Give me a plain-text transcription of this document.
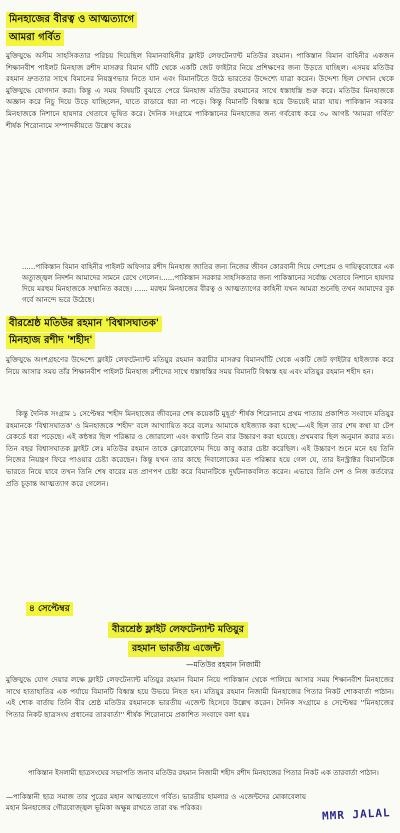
মিনহাজের বীরত্ব ও আত্মত্যাগে
আমরা গর্বিত
মুক্তিযুদ্ধে অসীম সাহসিকতার পরিচয় দিয়েছিল বিমানবাহিনীর ফ্লাইট লেফটেন্যান্ট মতিউর রহমান। পাকিস্তান বিমান বাহিনীর একজন শিক্ষানবীশ পাইলট মিনহাজ রশীদ মাসরুর বিমান ঘাঁটি থেকে একটি জেট ফাইটার নিয়ে প্রশিক্ষণের জন্য উড়তে যাচ্ছিল। এসময় মতিউর রহমান দ্রুততার সাথে বিমানের নিয়ন্ত্রণভার নিতে যান এবং বিমানটিতে উঠে ভারতের উদ্দেশ্যে যাত্রা করেন। উদ্দেশ্য ছিল সেখান থেকে মুক্তিযুদ্ধে যোগদান করা। কিন্তু এ সময় বিষয়টি বুঝতে পেরে মিনহাজ মতিউর রহমানের সাথে ধস্তাধস্তি শুরু করে। মতিউর মিনহাজকে অজ্ঞান করে নিচু দিয়ে উড়ে যাচ্ছিলেন, যাতে রাডারে ধরা না পড়ে। কিন্তু বিমানটি বিধ্বস্ত হয়ে উভয়েই মারা যায়। পাকিস্তান সরকার মিনহাজকে নিশানে হায়দার খেতাবে ভূষিত করে। দৈনিক সংগ্রামে পাকিস্তানের মিনহাজের জন্য গর্ববোধ করে ৩০ আগষ্ট 'আমরা গর্বিত' শীর্ষক শিরোনামে সম্পাদকীয়তে উল্লেখ করেঃ
......পাকিস্তান বিমান বাহিনীর পাইলট অফিসার রশীদ মিনহাজ জাতির জন্য নিজের জীবন কোরবানী দিয়ে দেশপ্রেম ও দায়িত্ববোধের এক অত্যুজ্জ্বল নিদর্শন আমাদের সামনে রেখে গেলেন।......পাকিস্তান সরকার সাহসিকতার জন্য পাকিস্তানের সর্বোচ্চ খেতাবে নিশানে হায়দার দিয়ে মরহুম মিনহাজকে সম্মানিত করছে। ...... মরহুম মিনহাজের বীরত্ব ও আত্মত্যাগের কাহিনী যখন আমরা শুনেছি তখন আমাদের বুক গর্বে আনন্দে ভরে উঠেছে।
বীরশ্রেষ্ঠ মতিউর রহমান 'বিশ্বাসঘাতক'
মিনহাজ রশীদ 'শহীদ'
মুক্তিযুদ্ধে অংশগ্রহণের উদ্দেশ্যে ফ্লাইট লেফটেন্যান্ট মতিয়ুর রহমান করাচীর মাসরুর বিমানঘাঁটি থেকে একটি জেট ফাইটার হাইজ্যাক করে নিয়ে আসার সময় তাঁর শিক্ষানবীশ পাইলট মিনহাজ রশীদের সাথে ধস্তাধস্তির সময় বিমানটি বিধ্বস্ত হয় এবং মতিয়ুর রহমান শহীদ হন।
কিন্তু দৈনিক সংগ্রাম ১ সেপ্টেম্বর 'শহীদ মিনহাজের জীবনের শেষ কয়েকটি মুহূর্ত' শীর্ষক শিরোনামে প্রথম পাতায় প্রকাশিত সংবাদে মতিয়ুর রহমানকে 'বিশ্বাসঘাতক' ও মিনহাজকে 'শহীদ' বলে আখ্যায়িত করে বলেঃ আমাকে হাইজ্যাক করা হচ্ছে'—এই ছিল তার শেষ কথা যা টেপ রেকর্ডে ধরা পড়েছে। এই কন্ঠস্বর ছিল পরিষ্কার ও জোরালো এবং কথাটি তিন বার উচ্চারণ করা হয়েছে। প্রথমবার ছিল অনুমান করার মত। তিন বছর বিশ্বাসঘাতক ফ্লাইট লেঃ মতিউর রহমান তাকে ক্লোরোফোম দিয়ে কাবু করার চেষ্টা করেছিল। এই উচ্চারণ শুনে মনে হয় তিনি নিজের নিয়ন্ত্রণ ফিরে পাওয়ার চেষ্টা করেছেন। কিন্তু যখন তার কাছে দিবালোকের মত পরিষ্কার হয়ে গেল যে, তার ইনস্ট্রাক্টর বিমানটিকে ভারতে নিয়ে যাবে তখন তিনি শেষ বারের মত প্রাণপণ চেষ্টা করে বিমানটিকে দুর্ঘটনাকবলিত করেন। এভাবে তিনি দেশ ও নিজ কর্তব্যের প্রতি চূড়ান্ত আত্মত্যাগ করে গেলেন।
৪ সেপ্টেম্বর
বীরশ্রেষ্ঠ ফ্লাইট লেফটেন্যান্ট মতিয়ুর
রহমান ভারতীয় এজেন্ট
—মতিউর রহমান নিজামী
মুক্তিযুদ্ধে যোগ দেয়ার লক্ষে ফ্লাইট লেফটেন্যান্ট মতিয়ুর রহমান বিমান নিয়ে পাকিস্তান থেকে পালিয়ে আসার সময় শিক্ষানবীশ মিনহাজের সাথে হাতাহাতির এক পর্যায়ে বিমানটি বিধ্বস্ত হয়ে উভয়ে নিহত হন। মতিয়ুর রহমান নিজামী মিনহাজের পিতার নিকট শোকবার্তা পাঠান। এই শোক বার্তায় তিনি বীর শ্রেষ্ঠ মতিউর রহমানকে ভারতীয় এজেন্ট হিসেবে উল্লেখ করেন। দৈনিক সংগ্রামে ৪ সেপ্টেম্বর ''মিনহাজের পিতার নিকট ছাত্রসংঘ প্রধানের তারবার্তা'' শীর্ষক শিরোনামে প্রকাশিত সংবাদে বলা হয়ঃ
পাকিস্তান ইসলামী ছাত্রসংঘের সভাপতি জনাব মতিউর রহমান নিজামী শহীদ রশীদ মিনহাজের পিতার নিকট এক তারবার্তা পাঠান।
—পাকিস্তানী ছাত্র সমাজ তার পুত্রের মহান আত্মত্যাগে গর্বিত। ভারতীয় হামলার ও এজেন্টদের মোকাবেলায় মহান মিনহাজের গৌরবোজ্জ্বল ভূমিকা অক্ষুন্ন রাখতে তারা বদ্ধ পরিকর।	MMR JALAL
